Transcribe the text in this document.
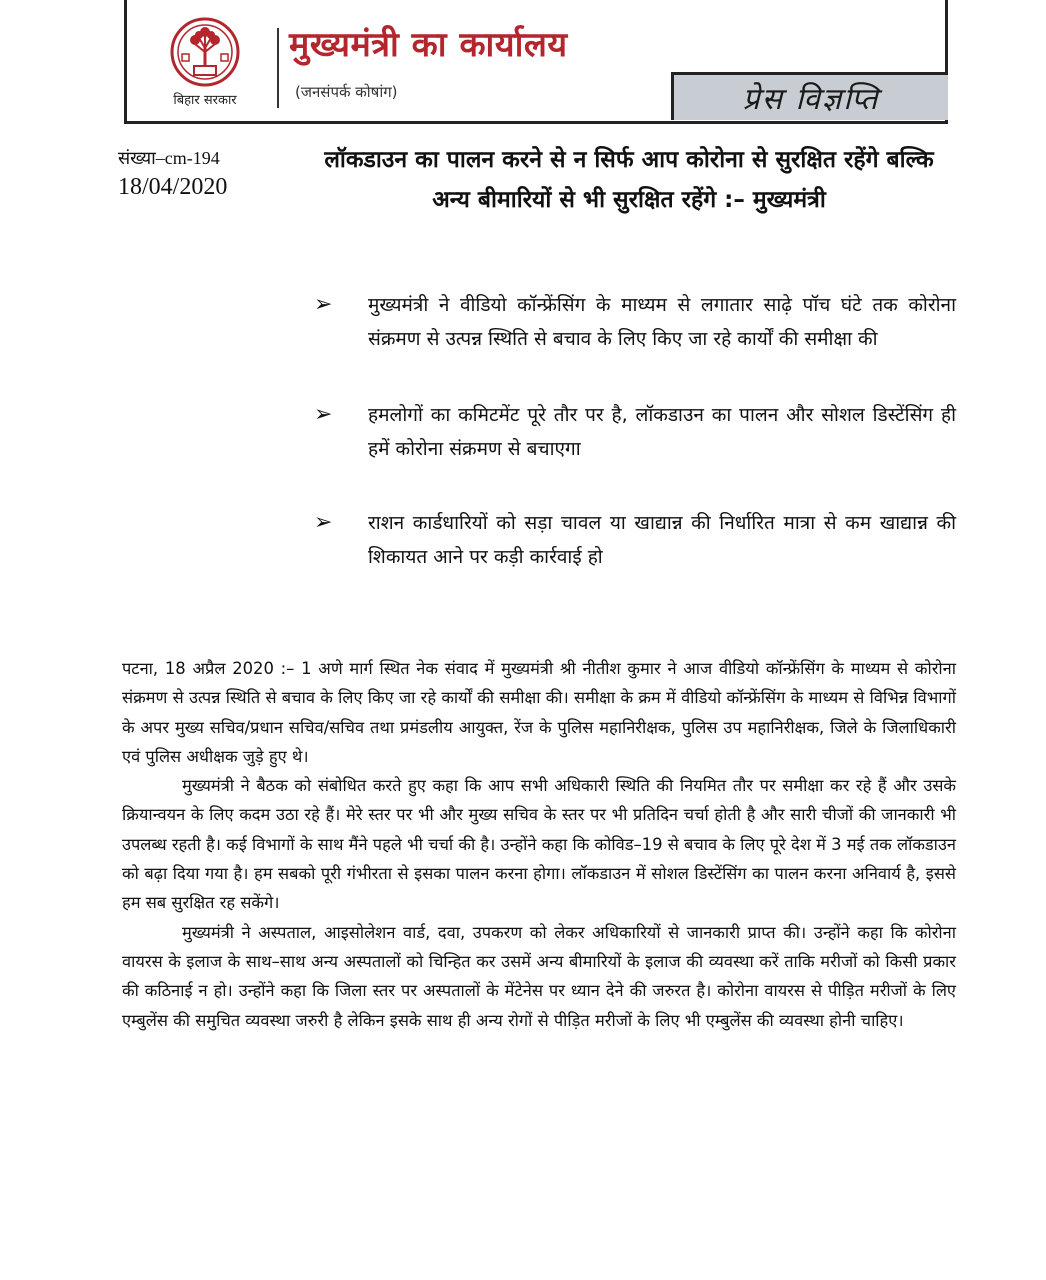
बिहार सरकार
मुख्यमंत्री का कार्यालय
(जनसंपर्क कोषांग)	प्रेस विज्ञप्ति
संख्या–cm-194
18/04/2020
लॉकडाउन का पालन करने से न सिर्फ आप कोरोना से सुरक्षित रहेंगे बल्कि अन्य बीमारियों से भी सुरक्षित रहेंगे :– मुख्यमंत्री
➢ मुख्यमंत्री ने वीडियो कॉन्फ्रेंसिंग के माध्यम से लगातार साढ़े पॉच घंटे तक कोरोना संक्रमण से उत्पन्न स्थिति से बचाव के लिए किए जा रहे कार्यों की समीक्षा की
➢ हमलोगों का कमिटमेंट पूरे तौर पर है, लॉकडाउन का पालन और सोशल डिस्टेंसिंग ही हमें कोरोना संक्रमण से बचाएगा
➢ राशन कार्डधारियों को सड़ा चावल या खाद्यान्न की निर्धारित मात्रा से कम खाद्यान्न की शिकायत आने पर कड़ी कार्रवाई हो

पटना, 18 अप्रैल 2020 :– 1 अणे मार्ग स्थित नेक संवाद में मुख्यमंत्री श्री नीतीश कुमार ने आज वीडियो कॉन्फ्रेंसिंग के माध्यम से कोरोना संक्रमण से उत्पन्न स्थिति से बचाव के लिए किए जा रहे कार्यों की समीक्षा की। समीक्षा के क्रम में वीडियो कॉन्फ्रेंसिंग के माध्यम से विभिन्न विभागों के अपर मुख्य सचिव/प्रधान सचिव/सचिव तथा प्रमंडलीय आयुक्त, रेंज के पुलिस महानिरीक्षक, पुलिस उप महानिरीक्षक, जिले के जिलाधिकारी एवं पुलिस अधीक्षक जुड़े हुए थे।

मुख्यमंत्री ने बैठक को संबोधित करते हुए कहा कि आप सभी अधिकारी स्थिति की नियमित तौर पर समीक्षा कर रहे हैं और उसके क्रियान्वयन के लिए कदम उठा रहे हैं। मेरे स्तर पर भी और मुख्य सचिव के स्तर पर भी प्रतिदिन चर्चा होती है और सारी चीजों की जानकारी भी उपलब्ध रहती है। कई विभागों के साथ मैंने पहले भी चर्चा की है। उन्होंने कहा कि कोविड–19 से बचाव के लिए पूरे देश में 3 मई तक लॉकडाउन को बढ़ा दिया गया है। हम सबको पूरी गंभीरता से इसका पालन करना होगा। लॉकडाउन में सोशल डिस्टेंसिंग का पालन करना अनिवार्य है, इससे हम सब सुरक्षित रह सकेंगे।

मुख्यमंत्री ने अस्पताल, आइसोलेशन वार्ड, दवा, उपकरण को लेकर अधिकारियों से जानकारी प्राप्त की। उन्होंने कहा कि कोरोना वायरस के इलाज के साथ–साथ अन्य अस्पतालों को चिन्हित कर उसमें अन्य बीमारियों के इलाज की व्यवस्था करें ताकि मरीजों को किसी प्रकार की कठिनाई न हो। उन्होंने कहा कि जिला स्तर पर अस्पतालों के मेंटेनेस पर ध्यान देने की जरुरत है। कोरोना वायरस से पीड़ित मरीजों के लिए एम्बुलेंस की समुचित व्यवस्था जरुरी है लेकिन इसके साथ ही अन्य रोगों से पीड़ित मरीजों के लिए भी एम्बुलेंस की व्यवस्था होनी चाहिए।
